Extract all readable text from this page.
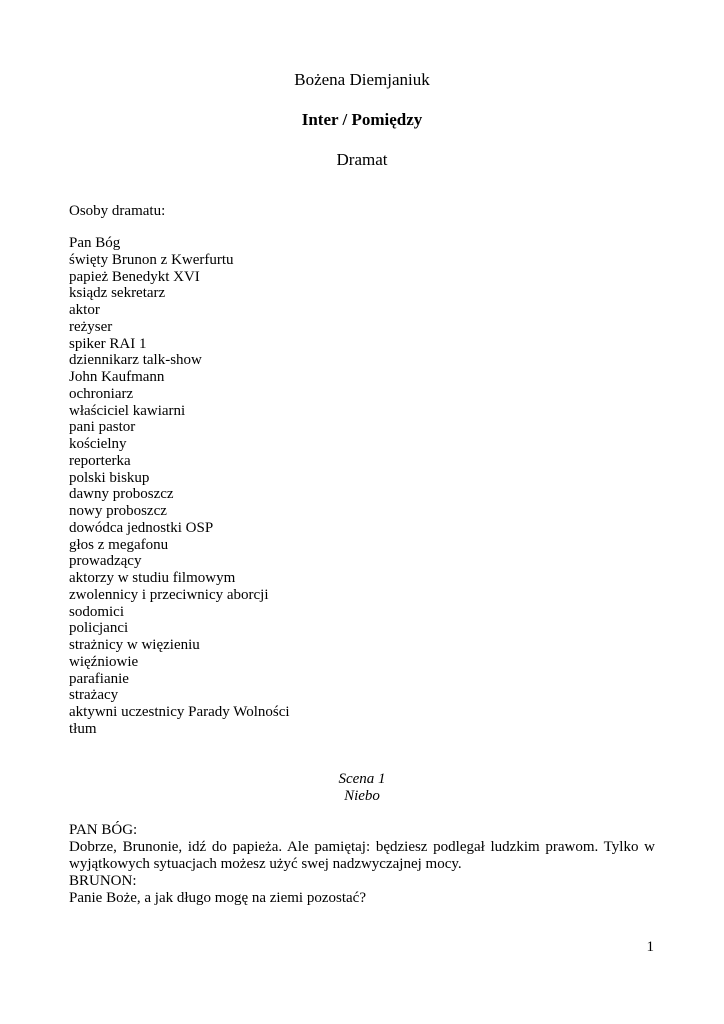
Bożena Diemjaniuk
Inter / Pomiędzy
Dramat
Osoby dramatu:
Pan Bóg
święty Brunon z Kwerfurtu
papież Benedykt XVI
ksiądz sekretarz
aktor
reżyser
spiker RAI 1
dziennikarz talk-show
John Kaufmann
ochroniarz
właściciel kawiarni
pani pastor
kościelny
reporterka
polski biskup
dawny proboszcz
nowy proboszcz
dowódca jednostki OSP
głos z megafonu
prowadzący
aktorzy w studiu filmowym
zwolennicy i przeciwnicy aborcji
sodomici
policjanci
strażnicy w więzieniu
więźniowie
parafianie
strażacy
aktywni uczestnicy Parady Wolności
tłum
Scena 1
Niebo

PAN BÓG:

Dobrze, Brunonie, idź do papieża. Ale pamiętaj: będziesz podlegał ludzkim prawom. Tylko w wyjątkowych sytuacjach możesz użyć swej nadzwyczajnej mocy.

BRUNON:

Panie Boże, a jak długo mogę na ziemi pozostać?

1
